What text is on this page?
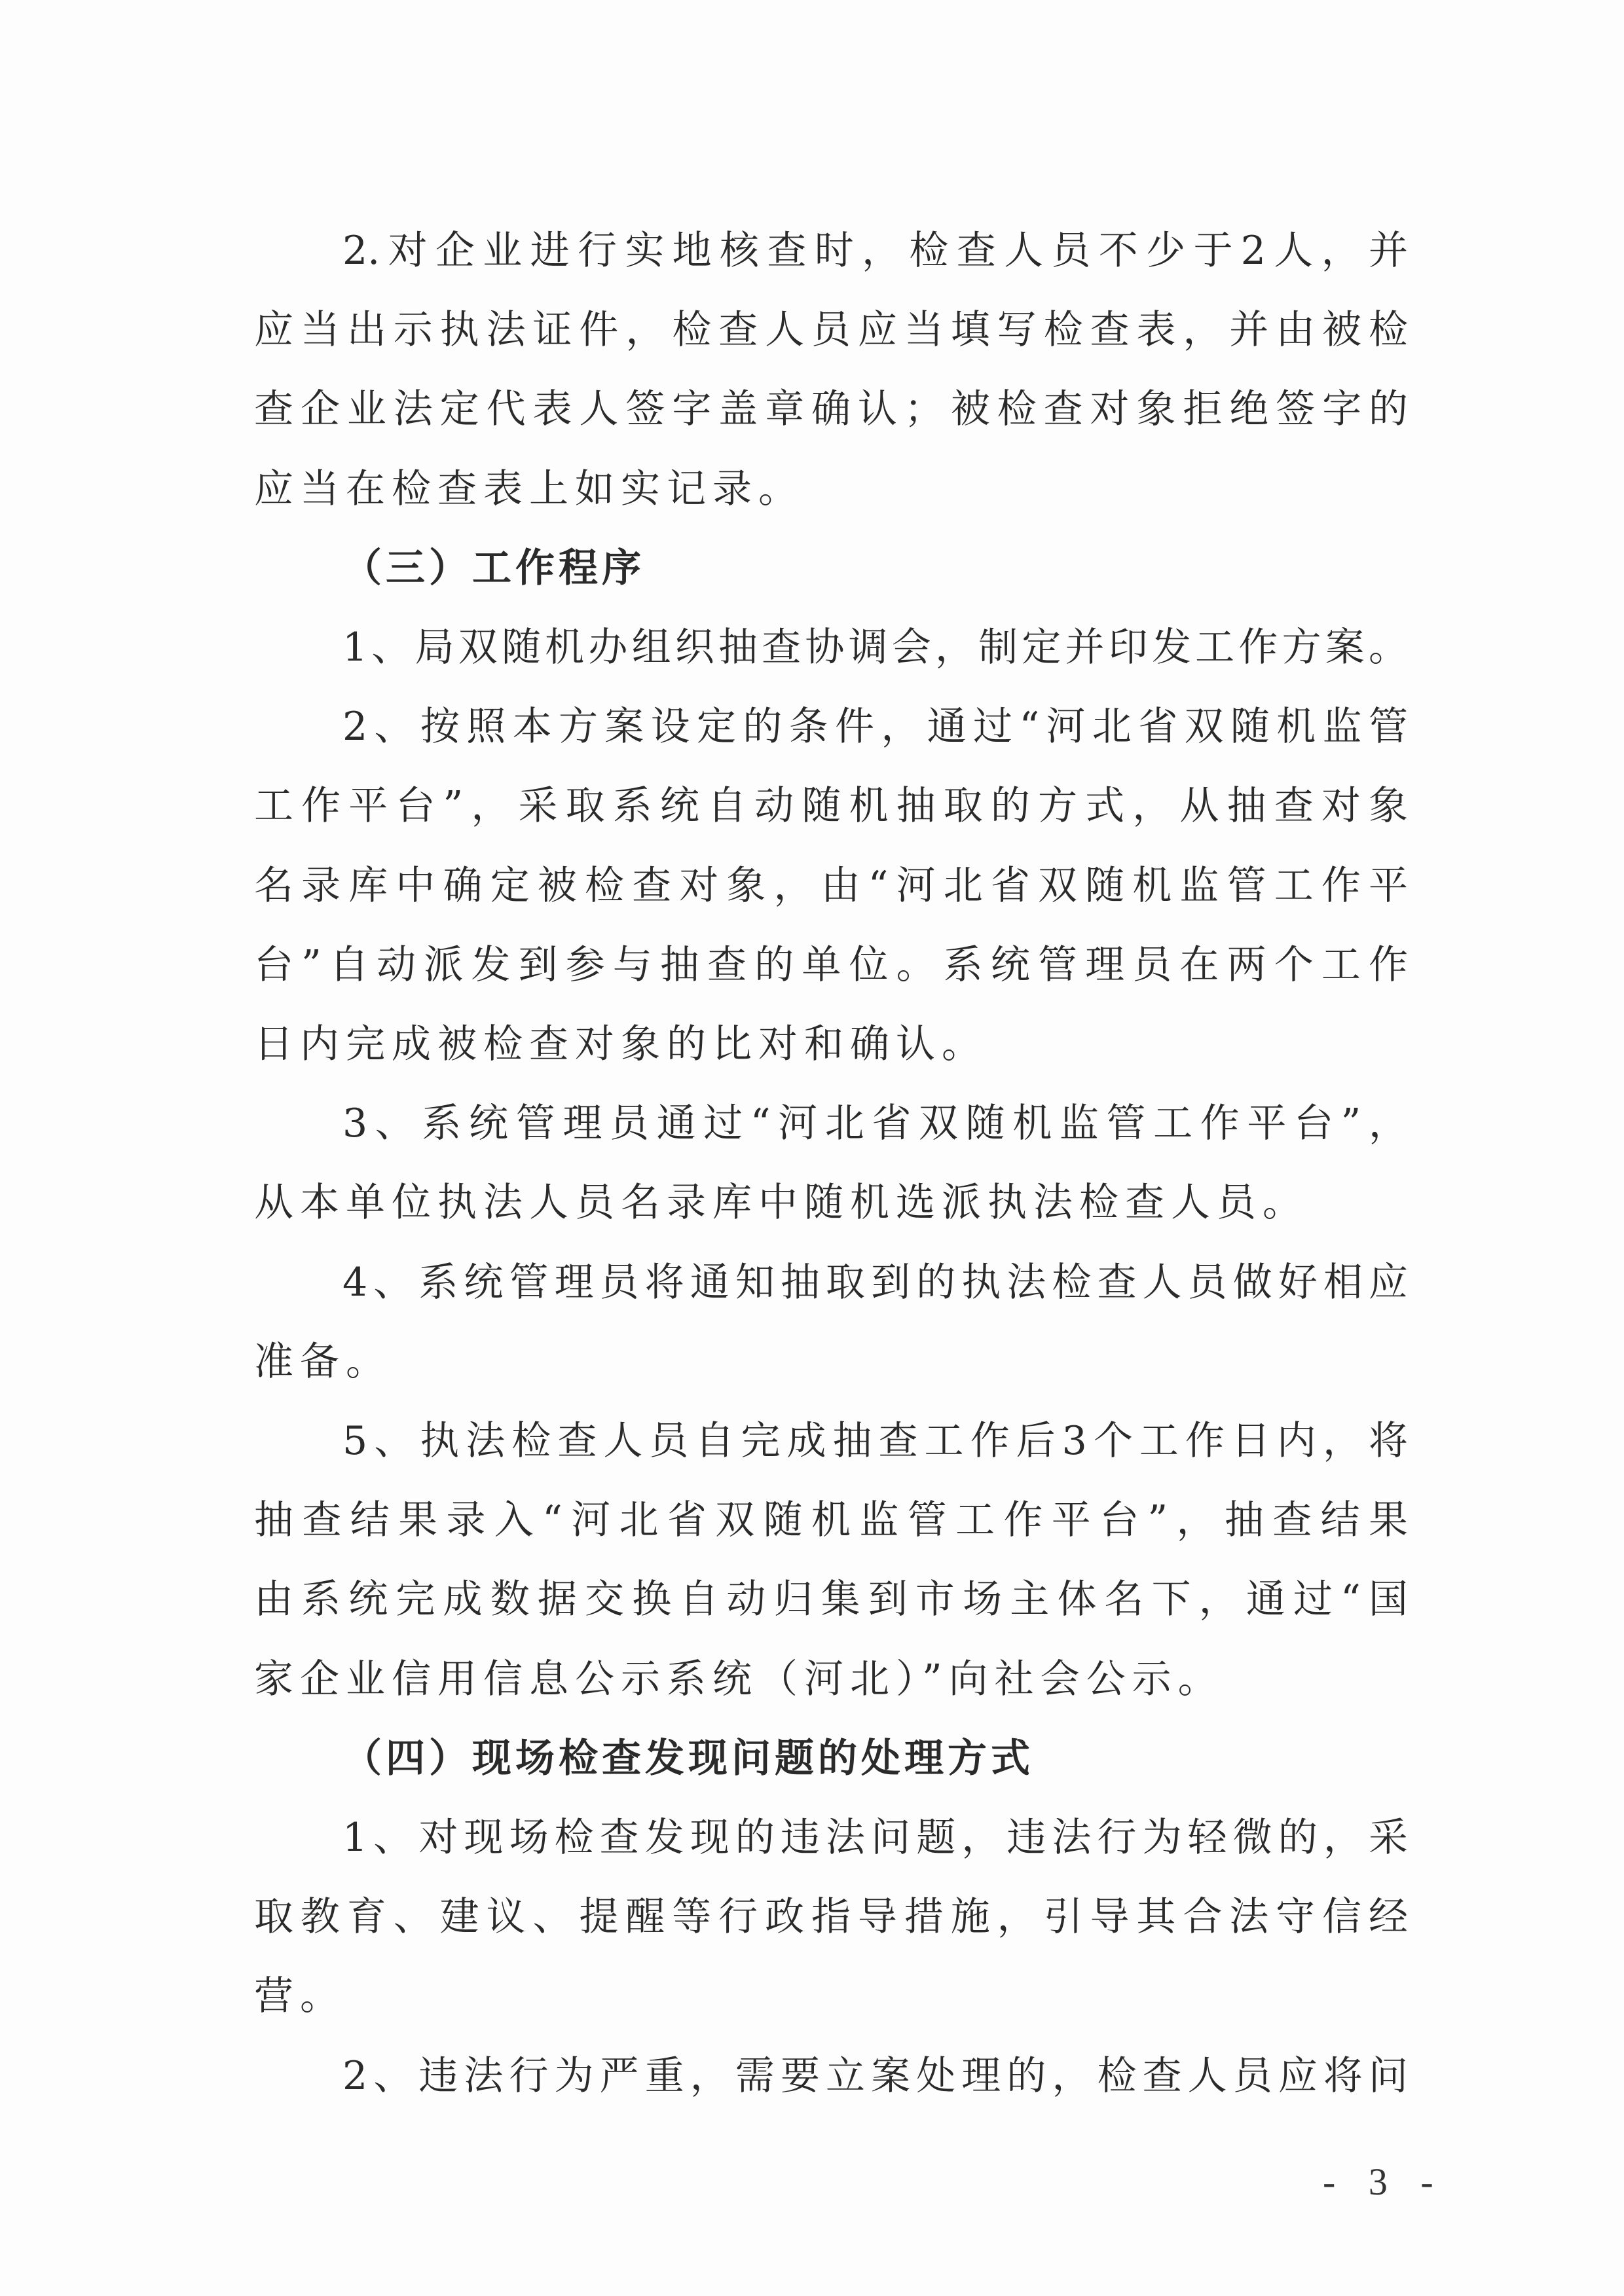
2.对企业进行实地核查时，检查人员不少于2人，并
应当出示执法证件，检查人员应当填写检查表，并由被检
查企业法定代表人签字盖章确认；被检查对象拒绝签字的
应当在检查表上如实记录。
（三）工作程序
1、局双随机办组织抽查协调会，制定并印发工作方案。
2、按照本方案设定的条件，通过“河北省双随机监管
工作平台”，采取系统自动随机抽取的方式，从抽查对象
名录库中确定被检查对象，由“河北省双随机监管工作平
台”自动派发到参与抽查的单位。系统管理员在两个工作
日内完成被检查对象的比对和确认。
3、系统管理员通过“河北省双随机监管工作平台”，
从本单位执法人员名录库中随机选派执法检查人员。
4、系统管理员将通知抽取到的执法检查人员做好相应
准备。
5、执法检查人员自完成抽查工作后3个工作日内，将
抽查结果录入“河北省双随机监管工作平台”，抽查结果
由系统完成数据交换自动归集到市场主体名下，通过“国
家企业信用信息公示系统（河北）”向社会公示。
（四）现场检查发现问题的处理方式
1、对现场检查发现的违法问题，违法行为轻微的，采
取教育、建议、提醒等行政指导措施，引导其合法守信经
营。
2、违法行为严重，需要立案处理的，检查人员应将问
- 3 -
